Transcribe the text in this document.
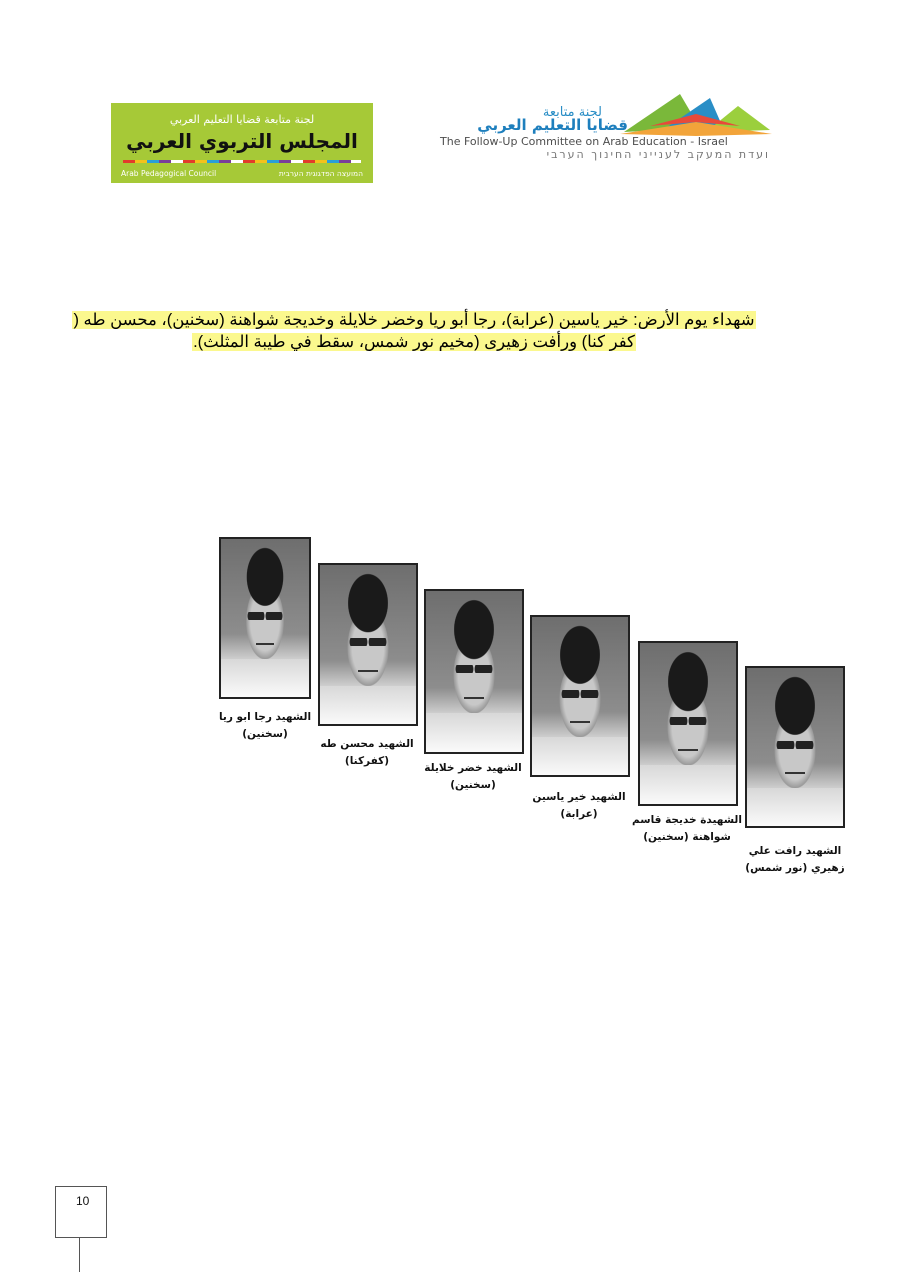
لجنة متابعة قضايا التعليم العربي
المجلس التربوي العربي
Arab Pedagogical Council	המועצה הפדגוגית הערבית
لجنة متابعة
قضايا التعليم العربي
The Follow-Up Committee on Arab Education - Israel
ועדת המעקב לענייני החינוך הערבי
شهداء يوم الأرض: خير ياسين (عرابة)، رجا أبو ريا وخضر خلايلة وخديجة شواهنة (سخنين)، محسن طه (
كفر كنا) ورأفت زهيرى (مخيم نور شمس، سقط في طيبة المثلث).
الشهيد رجا ابو ريا
(سخنين)
الشهيد محسن طه
(كفركنا)
الشهيد خضر خلايلة
(سخنين)
الشهيد خير ياسين
(عرابة)	الشهيدة خديجة قاسم
شواهنة (سخنين)
الشهيد رافت علي
زهيري (نور شمس)
10
